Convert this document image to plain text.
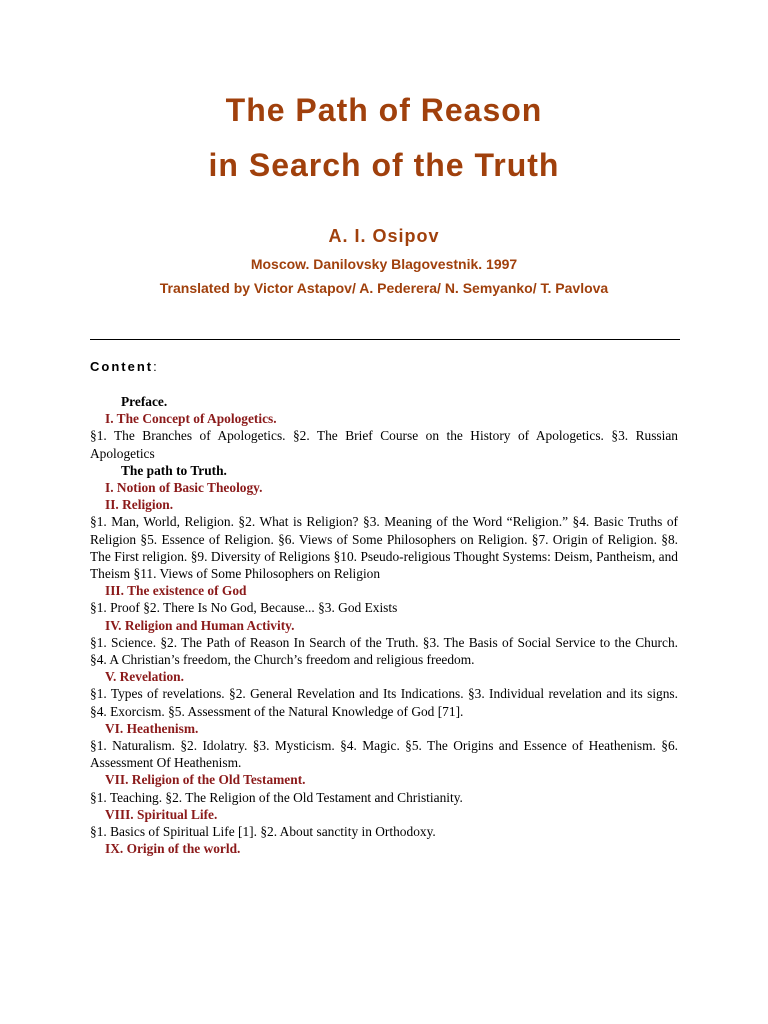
The Path of Reason
in Search of the Truth

A. I. Osipov

Moscow. Danilovsky Blagovestnik. 1997

Translated by Victor Astapov/ A. Pederera/ N. Semyanko/ T. Pavlova

Content:

Preface.
I. The Concept of Apologetics.
§1. The Branches of Apologetics. §2. The Brief Course on the History of Apologetics. §3. Russian Apologetics
The path to Truth.
I. Notion of Basic Theology.
II. Religion.
§1. Man, World, Religion. §2. What is Religion? §3. Meaning of the Word “Religion.” §4. Basic Truths of Religion §5. Essence of Religion. §6. Views of Some Philosophers on Religion. §7. Origin of Religion. §8. The First religion. §9. Diversity of Religions §10. Pseudo-religious Thought Systems: Deism, Pantheism, and Theism §11. Views of Some Philosophers on Religion
III. The existence of God
§1. Proof §2. There Is No God, Because... §3. God Exists
IV. Religion and Human Activity.
§1. Science. §2. The Path of Reason In Search of the Truth. §3. The Basis of Social Service to the Church. §4. A Christian’s freedom, the Church’s freedom and religious freedom.
V. Revelation.
§1. Types of revelations. §2. General Revelation and Its Indications. §3. Individual revelation and its signs. §4. Exorcism. §5. Assessment of the Natural Knowledge of God [71].
VI. Heathenism.
§1. Naturalism. §2. Idolatry. §3. Mysticism. §4. Magic. §5. The Origins and Essence of Heathenism. §6. Assessment Of Heathenism.
VII. Religion of the Old Testament.
§1. Teaching. §2. The Religion of the Old Testament and Christianity.
VIII. Spiritual Life.
§1. Basics of Spiritual Life [1]. §2. About sanctity in Orthodoxy.
IX. Origin of the world.
